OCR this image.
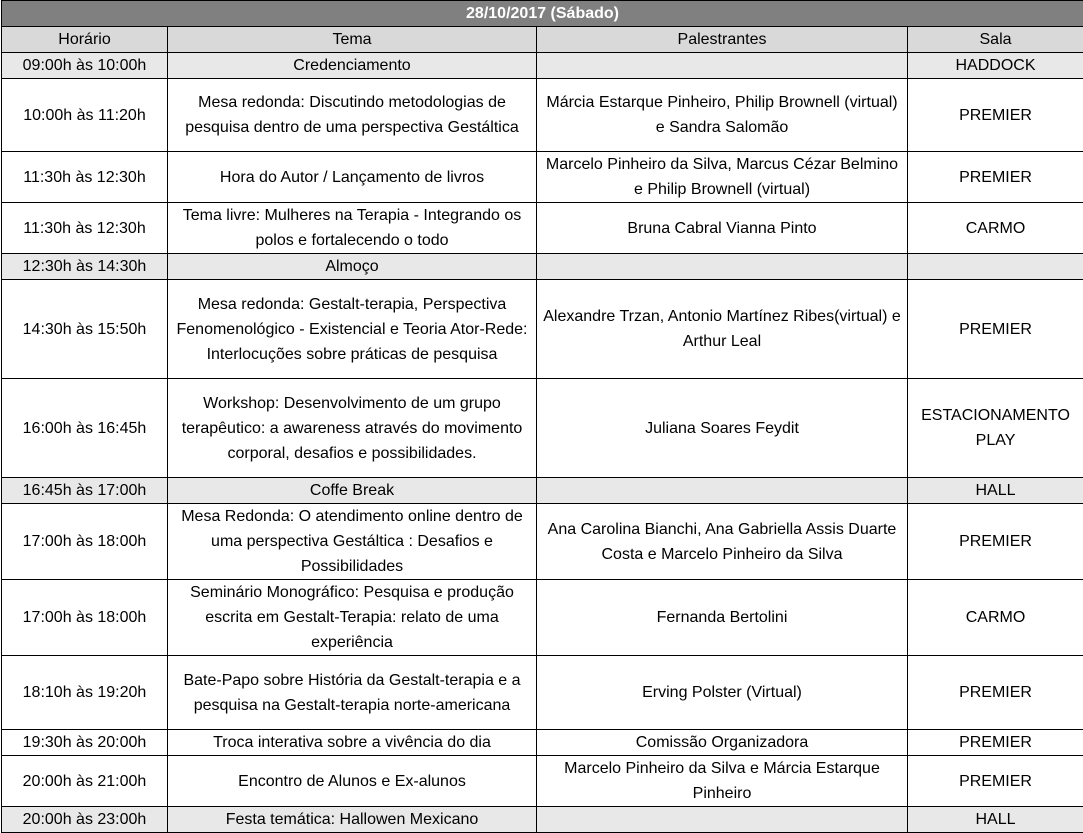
28/10/2017 (Sábado)			
Horário	Tema	Palestrantes	Sala
09:00h às 10:00h	Credenciamento		HADDOCK
10:00h às 11:20h	Mesa redonda: Discutindo metodologias de pesquisa dentro de uma perspectiva Gestáltica	Márcia Estarque Pinheiro, Philip Brownell (virtual) e Sandra Salomão	PREMIER
11:30h às 12:30h	Hora do Autor / Lançamento de livros	Marcelo Pinheiro da Silva, Marcus Cézar Belmino e Philip Brownell (virtual)	PREMIER
11:30h às 12:30h	Tema livre: Mulheres na Terapia - Integrando os polos e fortalecendo o todo	Bruna Cabral Vianna Pinto	CARMO
12:30h às 14:30h	Almoço		
14:30h às 15:50h	Mesa redonda: Gestalt-terapia, Perspectiva Fenomenológico - Existencial e Teoria Ator-Rede: Interlocuções sobre práticas de pesquisa	Alexandre Trzan, Antonio Martínez Ribes(virtual) e Arthur Leal	PREMIER
16:00h às 16:45h	Workshop: Desenvolvimento de um grupo terapêutico: a awareness através do movimento corporal, desafios e possibilidades.	Juliana Soares Feydit	ESTACIONAMENTO PLAY
16:45h às 17:00h	Coffe Break		HALL
17:00h às 18:00h	Mesa Redonda: O atendimento online dentro de uma perspectiva Gestáltica : Desafios e Possibilidades	Ana Carolina Bianchi, Ana Gabriella Assis Duarte Costa e Marcelo Pinheiro da Silva	PREMIER
17:00h às 18:00h	Seminário Monográfico: Pesquisa e produção escrita em Gestalt-Terapia: relato de uma experiência	Fernanda Bertolini	CARMO
18:10h às 19:20h	Bate-Papo sobre História da Gestalt-terapia e a pesquisa na Gestalt-terapia norte-americana	Erving Polster (Virtual)	PREMIER
19:30h às 20:00h	Troca interativa sobre a vivência do dia	Comissão Organizadora	PREMIER
20:00h às 21:00h	Encontro de Alunos e Ex-alunos	Marcelo Pinheiro da Silva e Márcia Estarque Pinheiro	PREMIER
20:00h às 23:00h	Festa temática: Hallowen Mexicano		HALL
